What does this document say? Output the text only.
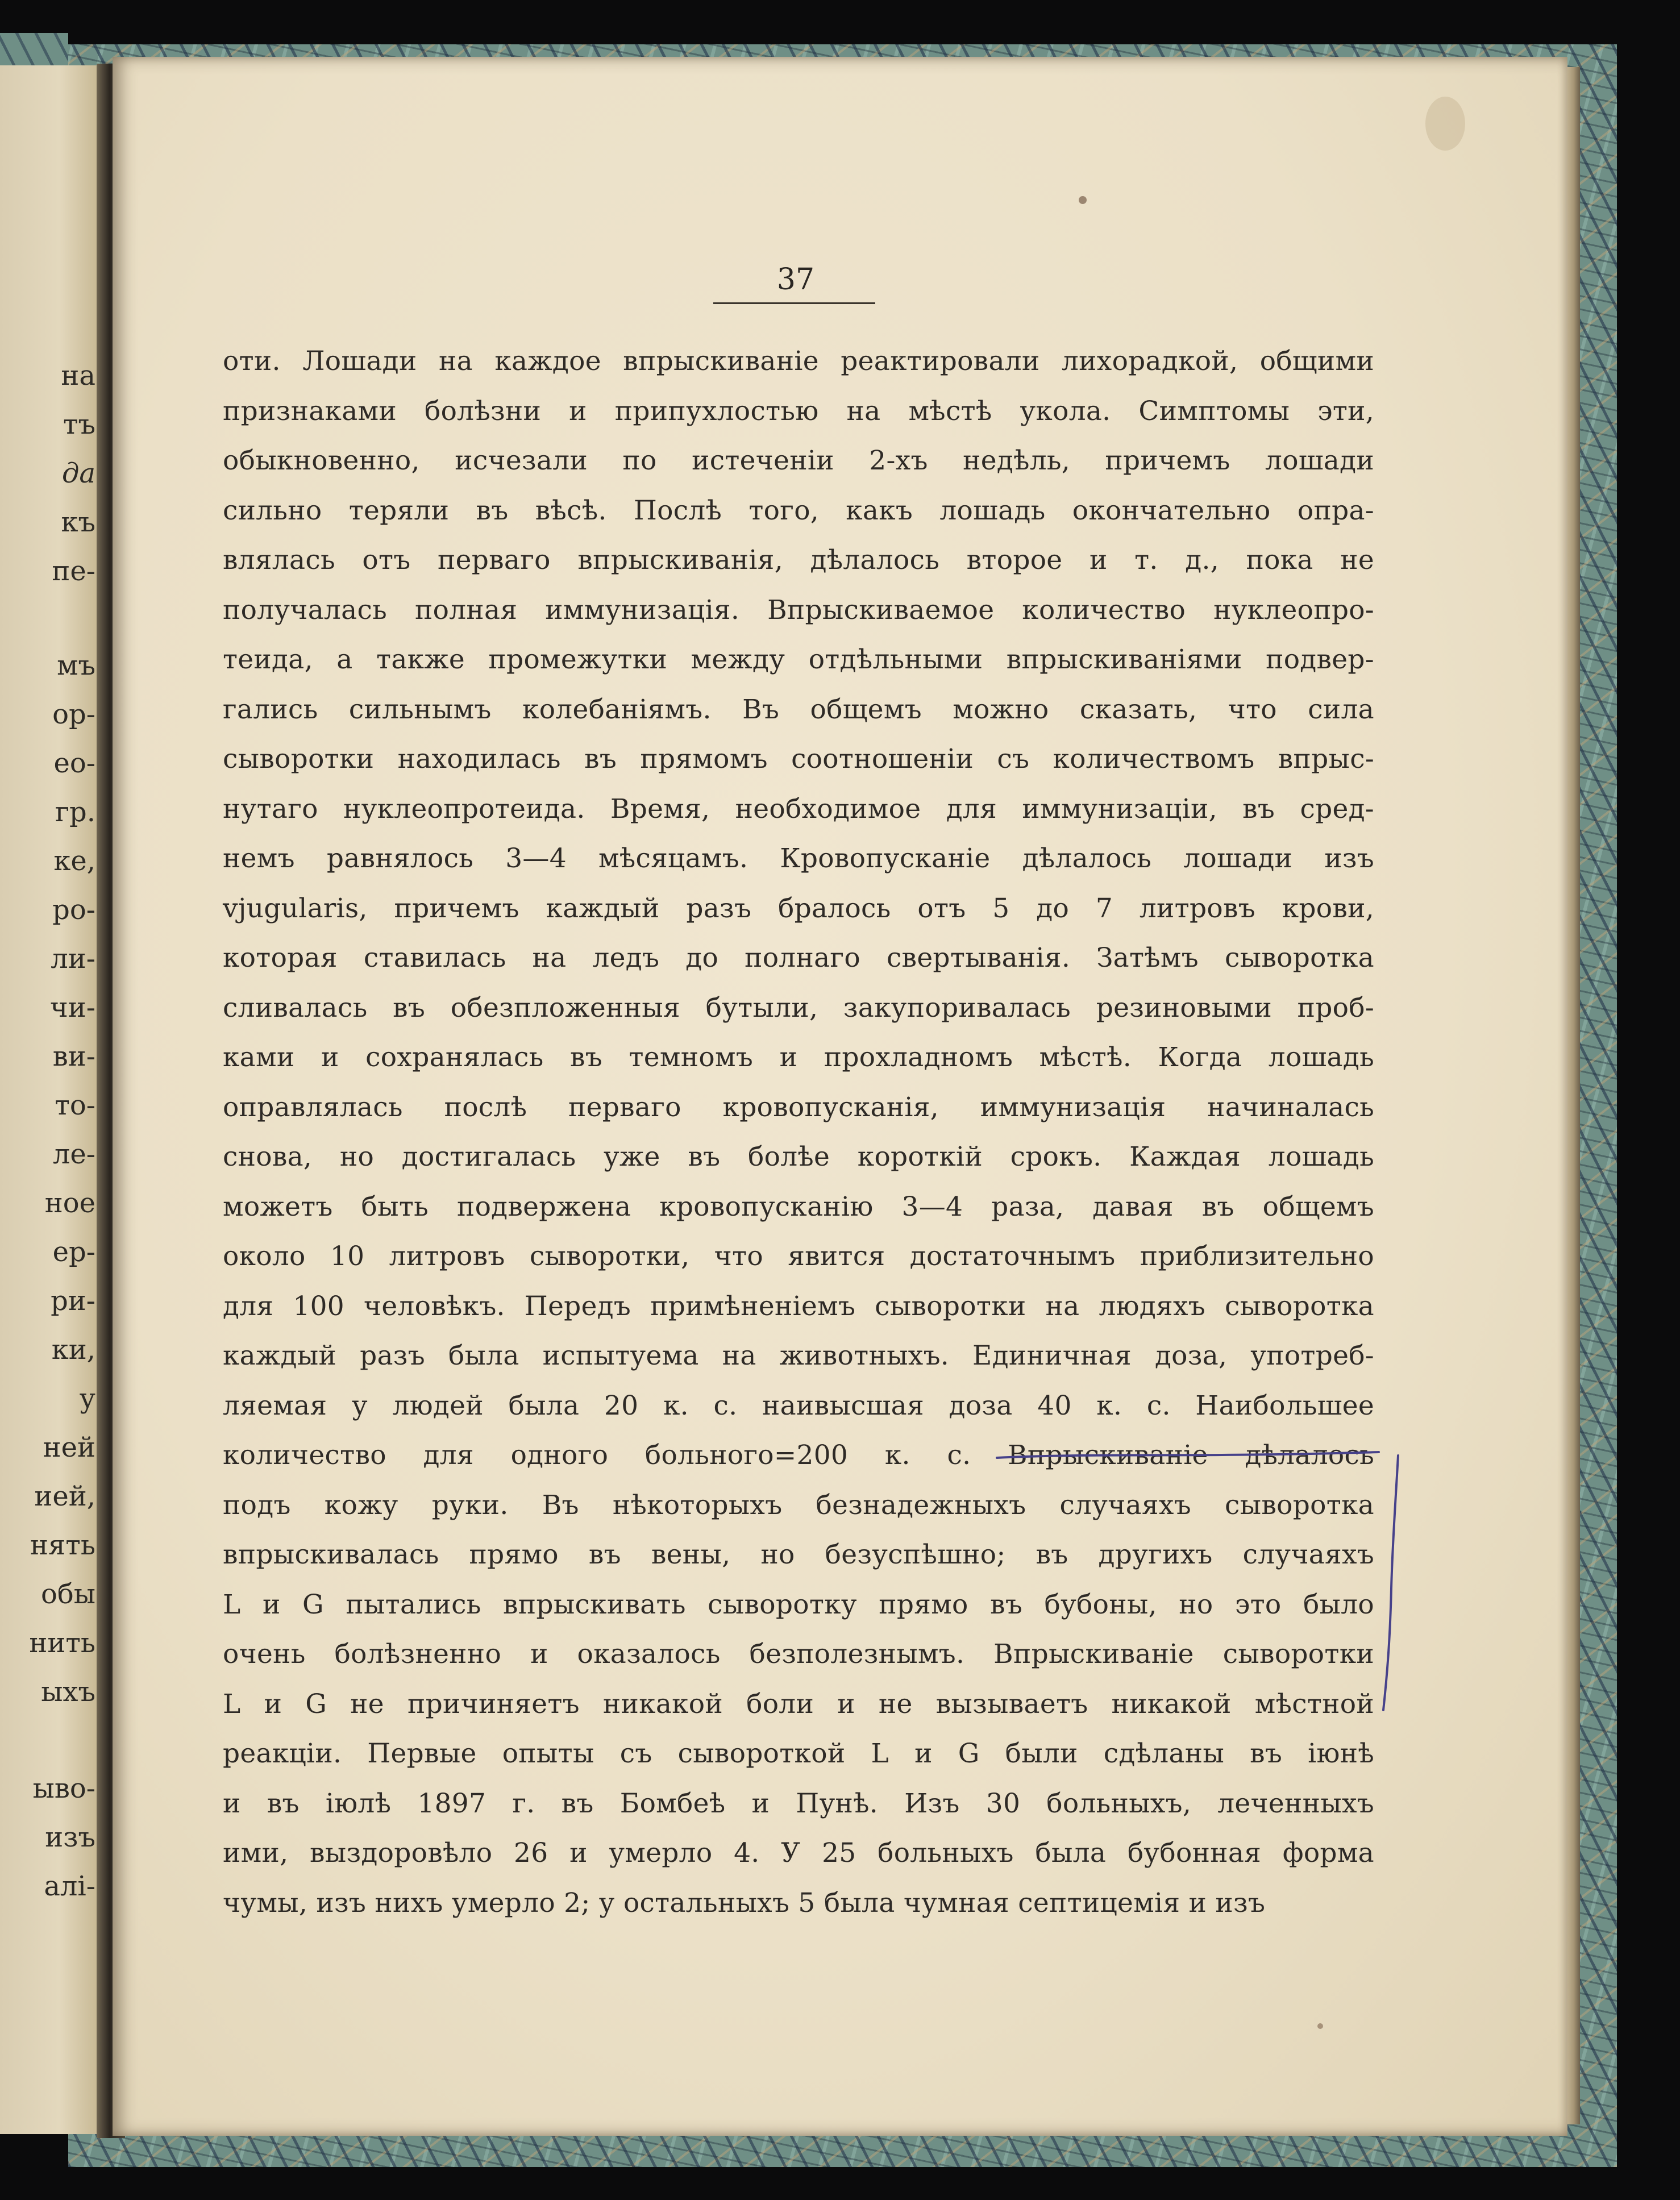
на

тъ

да

къ

пе-

мъ

ор-

ео-

гр.

ке,

ро-

ли-

чи-

ви-

то-

ле-

ное

ер-

ри-

ки,

у

ней

ией,

нять

обы

нить

ыхъ

ыво-

изъ

алі-

37

оти. Лошади на каждое впрыскиваніе реактировали лихорадкой, общими
признаками болѣзни и припухлостью на мѣстѣ укола. Симптомы эти,
обыкновенно, исчезали по истеченіи 2-хъ недѣль, причемъ лошади
сильно теряли въ вѣсѣ. Послѣ того, какъ лошадь окончательно опра-
влялась отъ перваго впрыскиванія, дѣлалось второе и т. д., пока не
получалась полная иммунизація. Впрыскиваемое количество нуклеопро-
теида, а также промежутки между отдѣльными впрыскиваніями подвер-
гались сильнымъ колебаніямъ. Въ общемъ можно сказать, что сила
сыворотки находилась въ прямомъ соотношеніи съ количествомъ впрыс-
нутаго нуклеопротеида. Время, необходимое для иммунизаціи, въ сред-
немъ равнялось 3—4 мѣсяцамъ. Кровопусканіе дѣлалось лошади изъ
vjugularis, причемъ каждый разъ бралось отъ 5 до 7 литровъ крови,
которая ставилась на ледъ до полнаго свертыванія. Затѣмъ сыворотка
сливалась въ обезпложенныя бутыли, закупоривалась резиновыми проб-
ками и сохранялась въ темномъ и прохладномъ мѣстѣ. Когда лошадь
оправлялась послѣ перваго кровопусканія, иммунизація начиналась
снова, но достигалась уже въ болѣе короткій срокъ. Каждая лошадь
можетъ быть подвержена кровопусканію 3—4 раза, давая въ общемъ
около 10 литровъ сыворотки, что явится достаточнымъ приблизительно
для 100 человѣкъ. Передъ примѣненіемъ сыворотки на людяхъ сыворотка
каждый разъ была испытуема на животныхъ. Единичная доза, употреб-
ляемая у людей была 20 к. с. наивысшая доза 40 к. с. Наибольшее
количество для одного больного=200 к. с. Впрыскиваніе дѣлалось
подъ кожу руки. Въ нѣкоторыхъ безнадежныхъ случаяхъ сыворотка
впрыскивалась прямо въ вены, но безуспѣшно; въ другихъ случаяхъ
L и G пытались впрыскивать сыворотку прямо въ бубоны, но это было
очень болѣзненно и оказалось безполезнымъ. Впрыскиваніе сыворотки
L и G не причиняетъ никакой боли и не вызываетъ никакой мѣстной
реакціи. Первые опыты съ сывороткой L и G были сдѣланы въ іюнѣ
и въ іюлѣ 1897 г. въ Бомбеѣ и Пунѣ. Изъ 30 больныхъ, леченныхъ
ими, выздоровѣло 26 и умерло 4. У 25 больныхъ была бубонная форма
чумы, изъ нихъ умерло 2; у остальныхъ 5 была чумная септицемія и изъ
